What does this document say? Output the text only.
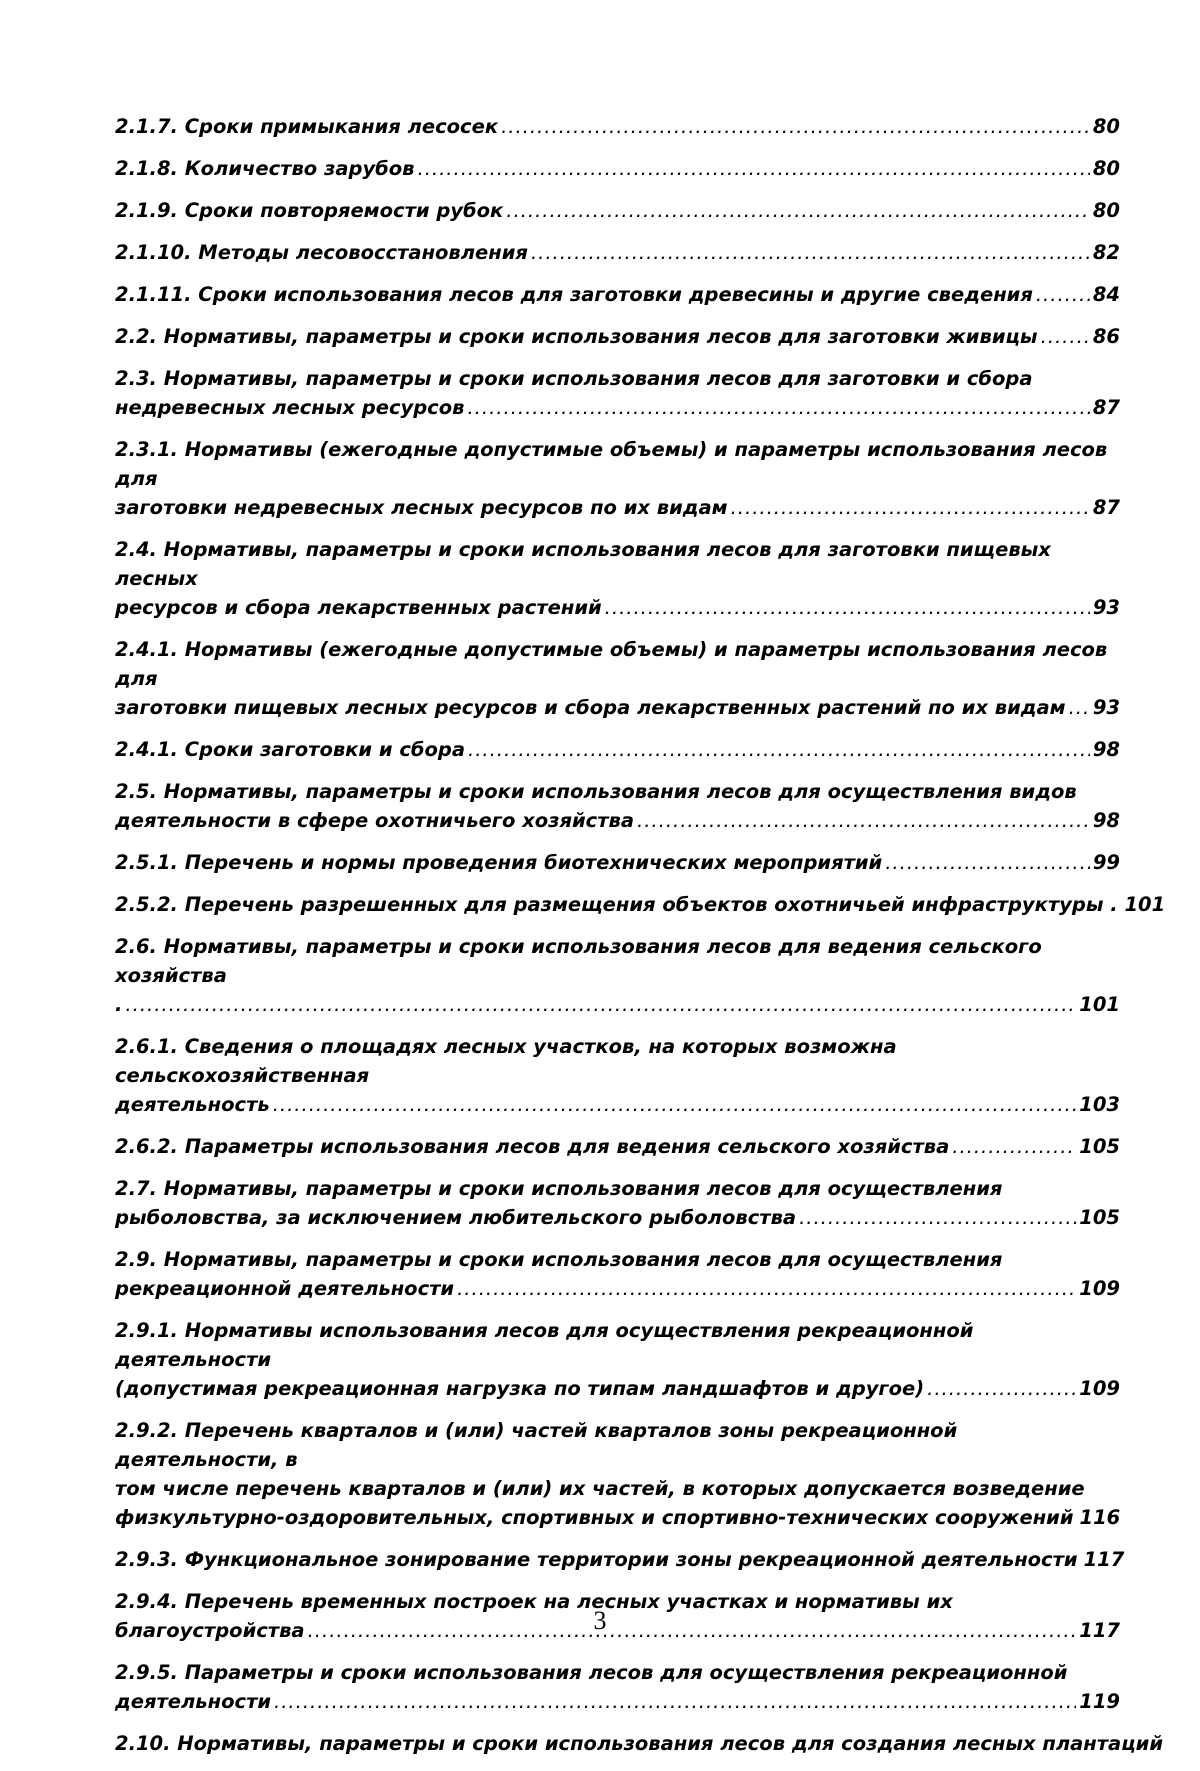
2.1.7. Сроки примыкания лесосек .....	80
2.1.8. Количество зарубов .....	80
2.1.9. Сроки повторяемости рубок .....	80
2.1.10. Методы лесовосстановления .....	82
2.1.11. Сроки использования лесов для заготовки древесины и другие сведения .....	84
2.2. Нормативы, параметры и сроки использования лесов для заготовки живицы .....	86
2.3. Нормативы, параметры и сроки использования лесов для заготовки и сбора
недревесных лесных ресурсов .....	87
2.3.1. Нормативы (ежегодные допустимые объемы) и параметры использования лесов для
заготовки недревесных лесных ресурсов по их видам .....	87
2.4. Нормативы, параметры и сроки использования лесов для заготовки пищевых лесных
ресурсов и сбора лекарственных растений .....	93
2.4.1. Нормативы (ежегодные допустимые объемы) и параметры использования лесов для
заготовки пищевых лесных ресурсов и сбора лекарственных растений по их видам ..... 93
2.4.1. Сроки заготовки и сбора .....	98
2.5. Нормативы, параметры и сроки использования лесов для осуществления видов
деятельности в сфере охотничьего хозяйства .....	98
2.5.1. Перечень и нормы проведения биотехнических мероприятий .....	99
2.5.2. Перечень разрешенных для размещения объектов охотничьей инфраструктуры . 101
2.6. Нормативы, параметры и сроки использования лесов для ведения сельского хозяйства
. .....	101
2.6.1. Сведения о площадях лесных участков, на которых возможна сельскохозяйственная
деятельность .....	103
2.6.2. Параметры использования лесов для ведения сельского хозяйства .....	105
2.7. Нормативы, параметры и сроки использования лесов для осуществления
рыболовства, за исключением любительского рыболовства .....	105
2.9. Нормативы, параметры и сроки использования лесов для осуществления
рекреационной деятельности .....	109
2.9.1. Нормативы использования лесов для осуществления рекреационной деятельности
(допустимая рекреационная нагрузка по типам ландшафтов и другое) .....	109
2.9.2. Перечень кварталов и (или) частей кварталов зоны рекреационной деятельности, в
том числе перечень кварталов и (или) их частей, в которых допускается возведение
физкультурно-оздоровительных, спортивных и спортивно-технических сооружений 116
2.9.3. Функциональное зонирование территории зоны рекреационной деятельности 117
2.9.4. Перечень временных построек на лесных участках и нормативы их
благоустройства .....	117
2.9.5. Параметры и сроки использования лесов для осуществления рекреационной
деятельности .....	119
2.10. Нормативы, параметры и сроки использования лесов для создания лесных плантаций
3
